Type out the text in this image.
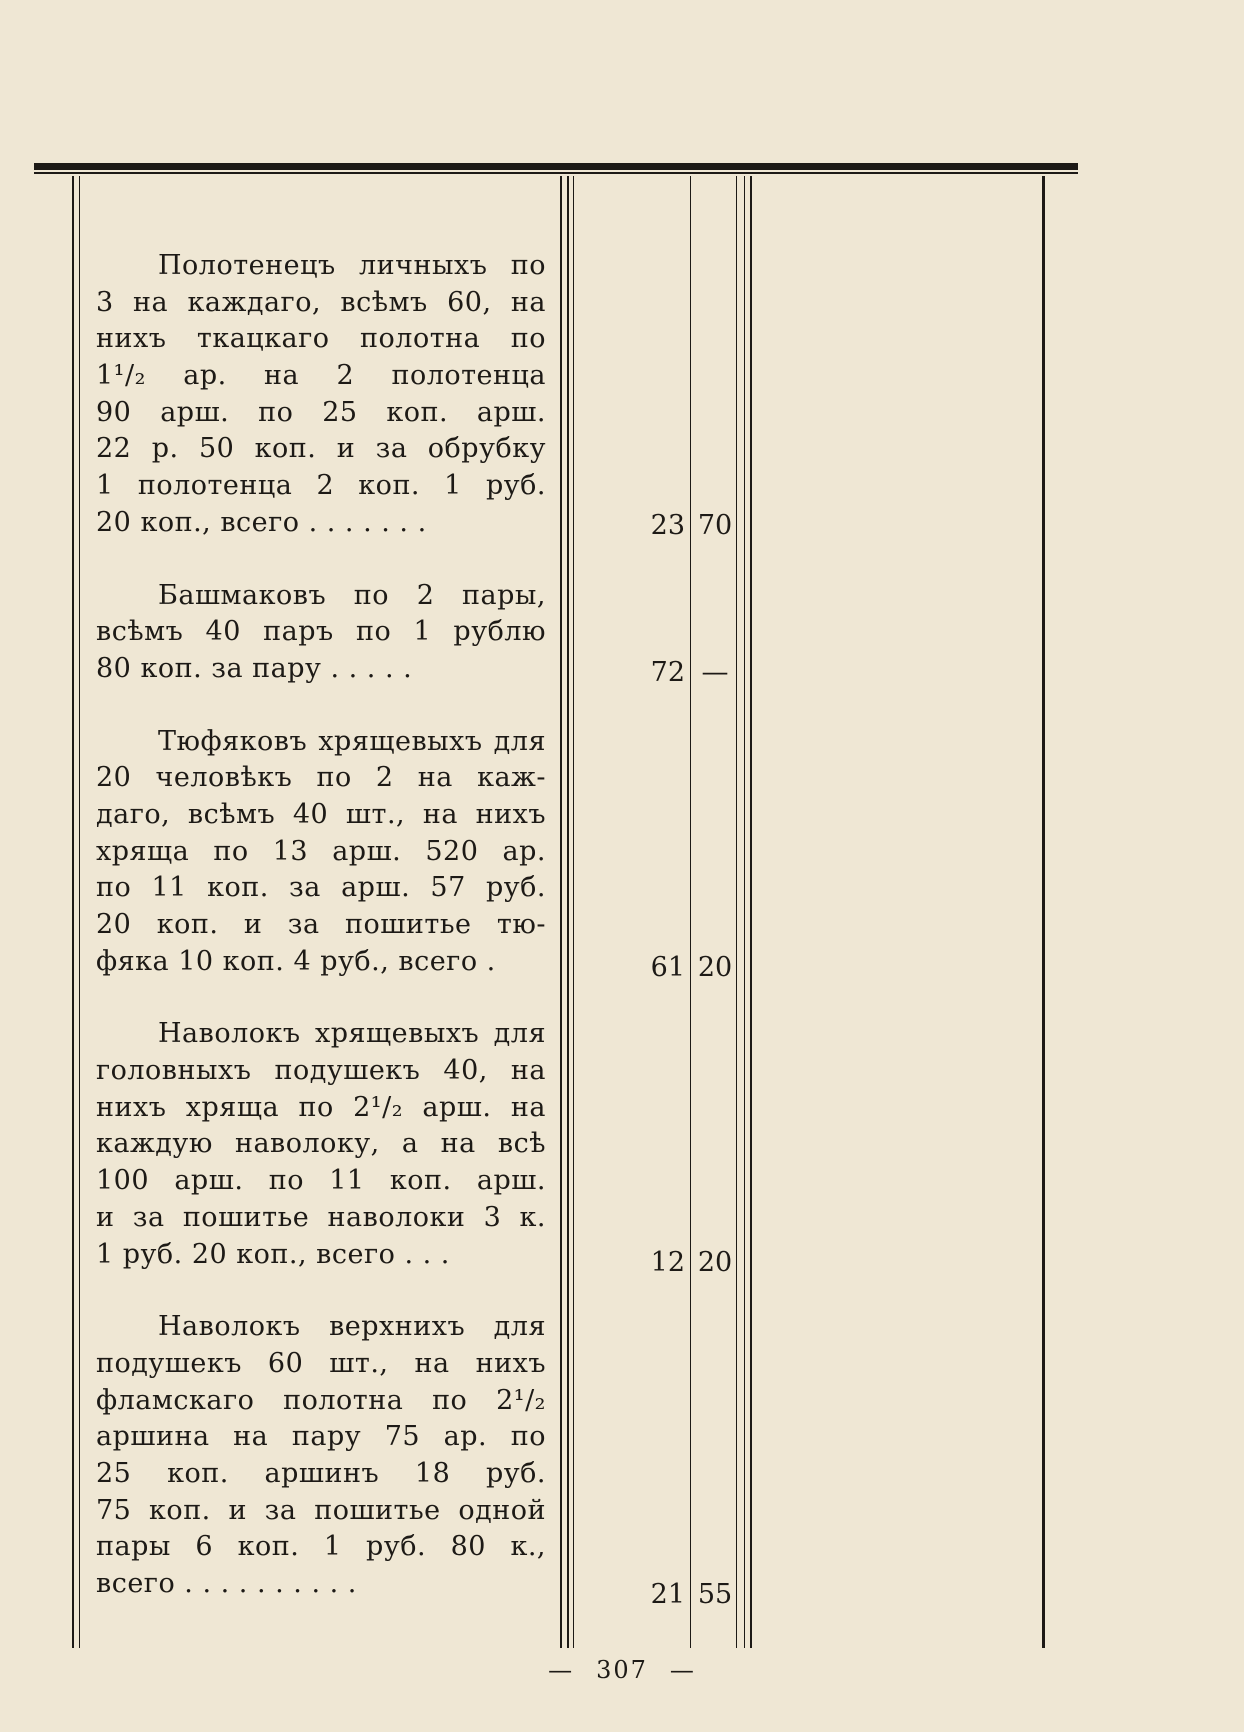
Полотенецъ личныхъ по
3 на каждаго, всѣмъ 60, на
нихъ ткацкаго полотна по
1¹/₂ ар. на 2 полотенца
90 арш. по 25 коп. арш.
22 р. 50 коп. и за обрубку
1 полотенца 2 коп. 1 руб.
20 коп., всего . . . . . . .
Башмаковъ по 2 пары,
всѣмъ 40 паръ по 1 рублю
80 коп. за пару . . . . .
Тюфяковъ хрящевыхъ для
20 человѣкъ по 2 на каж-
даго, всѣмъ 40 шт., на нихъ
хряща по 13 арш. 520 ар.
по 11 коп. за арш. 57 руб.
20 коп. и за пошитье тю-
фяка 10 коп. 4 руб., всего .
Наволокъ хрящевыхъ для
головныхъ подушекъ 40, на
нихъ хряща по 2¹/₂ арш. на
каждую наволоку, а на всѣ
100 арш. по 11 коп. арш.
и за пошитье наволоки 3 к.
1 руб. 20 коп., всего . . .
Наволокъ верхнихъ для
подушекъ 60 шт., на нихъ
фламскаго полотна по 2¹/₂
аршина на пару 75 ар. по
25 коп. аршинъ 18 руб.
75 коп. и за пошитье одной
пары 6 коп. 1 руб. 80 к.,
всего . . . . . . . . . .
23 70
72 —
61 20
12 20
21 55
— 307 —
